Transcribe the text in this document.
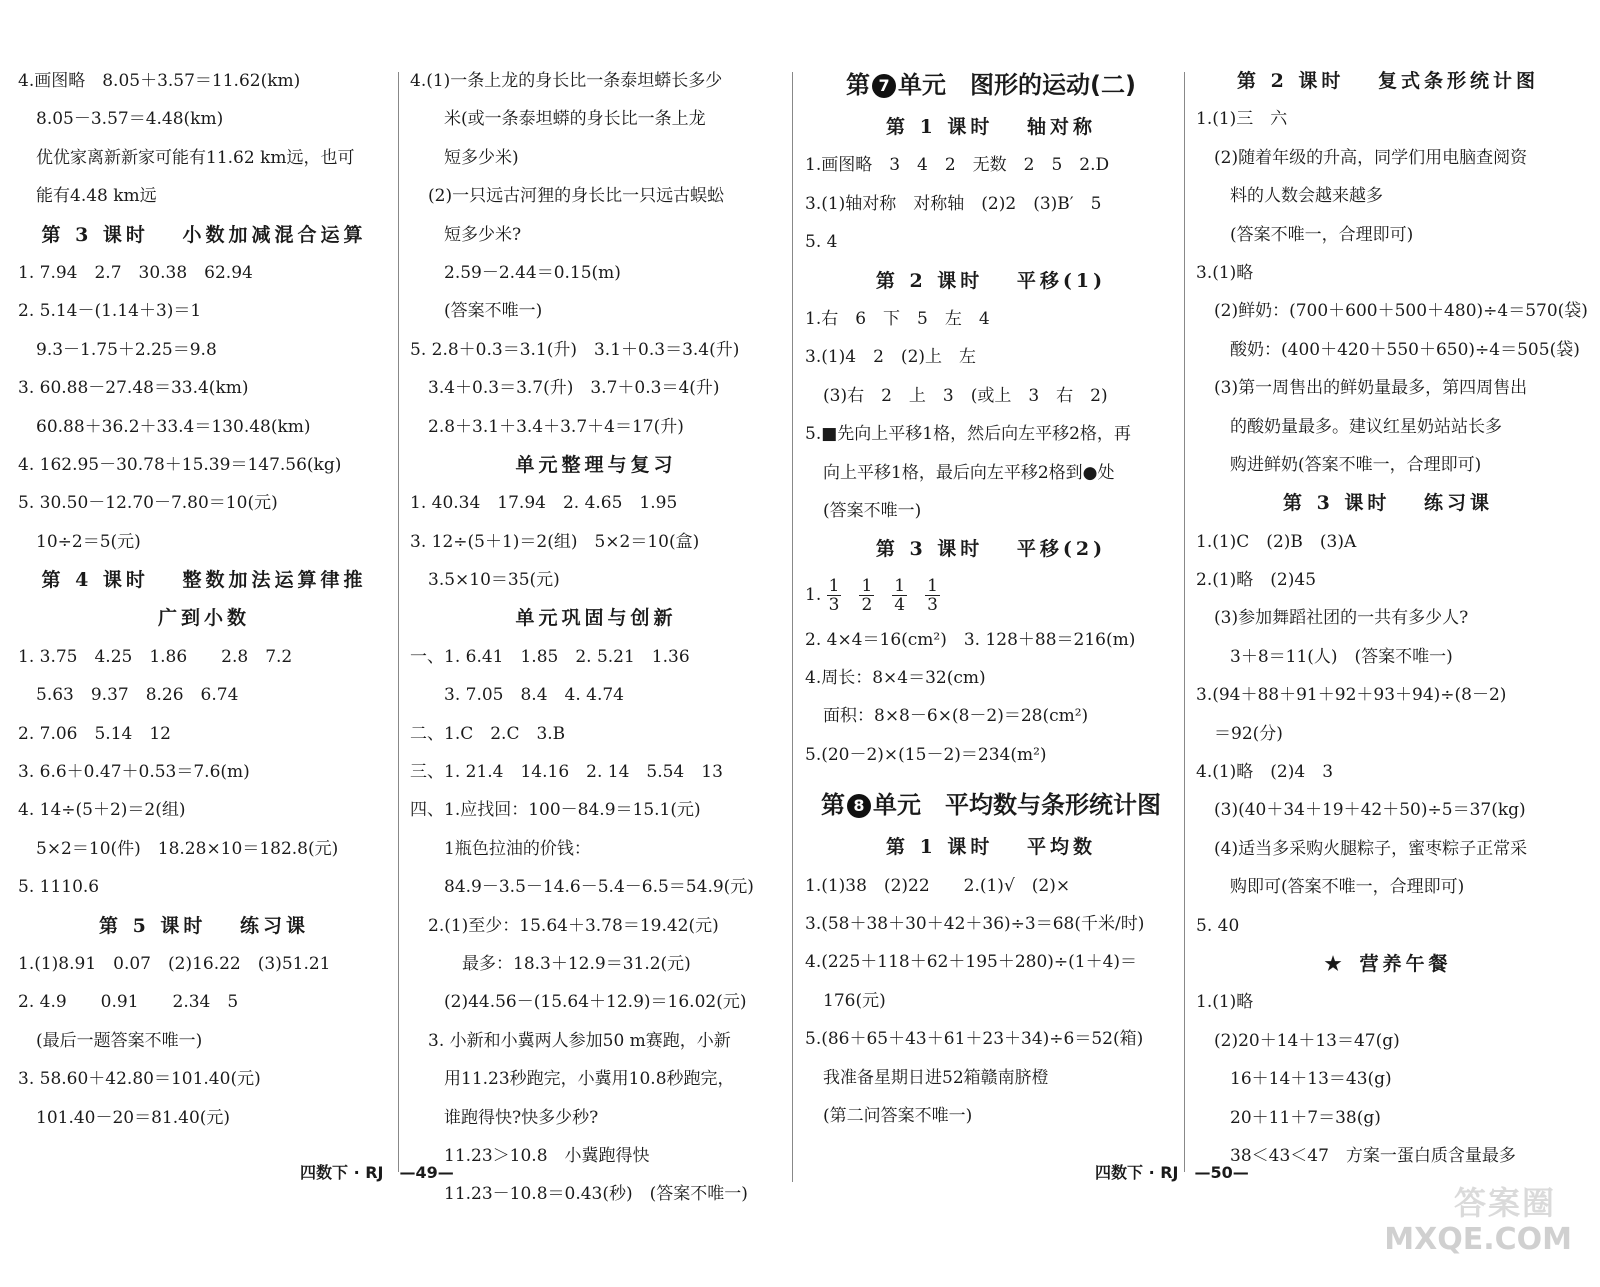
4.画图略　8.05＋3.57＝11.62(km)
8.05－3.57＝4.48(km)
优优家离新新家可能有11.62 km远，也可
能有4.48 km远
第 3 课时　 小数加减混合运算
1. 7.94　2.7　30.38　62.94
2. 5.14－(1.14＋3)＝1
9.3－1.75＋2.25＝9.8
3. 60.88－27.48＝33.4(km)
60.88＋36.2＋33.4＝130.48(km)
4. 162.95－30.78＋15.39＝147.56(kg)
5. 30.50－12.70－7.80＝10(元)
10÷2＝5(元)
第 4 课时　 整数加法运算律推
广到小数
1. 3.75　4.25　1.86　　2.8　7.2
5.63　9.37　8.26　6.74
2. 7.06　5.14　12
3. 6.6＋0.47＋0.53＝7.6(m)
4. 14÷(5＋2)＝2(组)
5×2＝10(件)　18.28×10＝182.8(元)
5. 1110.6
第 5 课时　 练习课
1.(1)8.91　0.07　(2)16.22　(3)51.21
2. 4.9　　0.91　　2.34　5
(最后一题答案不唯一)
3. 58.60＋42.80＝101.40(元)
101.40－20＝81.40(元)
4.(1)一条上龙的身长比一条泰坦蟒长多少
米(或一条泰坦蟒的身长比一条上龙
短多少米)
(2)一只远古河狸的身长比一只远古蜈蚣
短多少米?
2.59－2.44＝0.15(m)
(答案不唯一)
5. 2.8＋0.3＝3.1(升)　3.1＋0.3＝3.4(升)
3.4＋0.3＝3.7(升)　3.7＋0.3＝4(升)
2.8＋3.1＋3.4＋3.7＋4＝17(升)
单元整理与复习
1. 40.34　17.94　2. 4.65　1.95
3. 12÷(5＋1)＝2(组)　5×2＝10(盒)
3.5×10＝35(元)
单元巩固与创新
一、1. 6.41　1.85　2. 5.21　1.36
3. 7.05　8.4　4. 4.74
二、1.C　2.C　3.B
三、1. 21.4　14.16　2. 14　5.54　13
四、1.应找回：100－84.9＝15.1(元)
1瓶色拉油的价钱：
84.9－3.5－14.6－5.4－6.5＝54.9(元)
2.(1)至少：15.64＋3.78＝19.42(元)
最多：18.3＋12.9＝31.2(元)
(2)44.56－(15.64＋12.9)＝16.02(元)
3. 小新和小冀两人参加50 m赛跑，小新
用11.23秒跑完，小冀用10.8秒跑完，
谁跑得快?快多少秒?
11.23＞10.8　小冀跑得快
11.23－10.8＝0.43(秒)　(答案不唯一)
第 7 单元　图形的运动(二)
第 1 课时　 轴对称
1.画图略　3　4　2　无数　2　5　2.D
3.(1)轴对称　对称轴　(2)2　(3)B′　5
5. 4
第 2 课时　 平移(1)
1.右　6　下　5　左　4
3.(1)4　2　(2)上　左
(3)右　2　上　3　(或上　3　右　2)
5.■先向上平移1格，然后向左平移2格，再
向上平移1格，最后向左平移2格到●处
(答案不唯一)
第 3 课时　 平移(2)
1. $\frac{1}{3} \frac{1}{2} \frac{1}{4} \frac{1}{3}$
2. 4×4＝16(cm²)　3. 128＋88＝216(m)
4.周长：8×4＝32(cm)
面积：8×8－6×(8－2)＝28(cm²)
5.(20－2)×(15－2)＝234(m²)
第 8 单元　平均数与条形统计图
第 1 课时　 平均数
1.(1)38　(2)22　　2.(1)√　(2)×
3.(58＋38＋30＋42＋36)÷3＝68(千米/时)
4.(225＋118＋62＋195＋280)÷(1＋4)＝
176(元)
5.(86＋65＋43＋61＋23＋34)÷6＝52(箱)
我准备星期日进52箱赣南脐橙
(第二问答案不唯一)
第 2 课时　 复式条形统计图
1.(1)三　六
(2)随着年级的升高，同学们用电脑查阅资
料的人数会越来越多
(答案不唯一，合理即可)
3.(1)略
(2)鲜奶：(700＋600＋500＋480)÷4＝570(袋)
酸奶：(400＋420＋550＋650)÷4＝505(袋)
(3)第一周售出的鲜奶量最多，第四周售出
的酸奶量最多。建议红星奶站站长多
购进鲜奶(答案不唯一，合理即可)
第 3 课时　 练习课
1.(1)C　(2)B　(3)A
2.(1)略　(2)45
(3)参加舞蹈社团的一共有多少人?
3＋8＝11(人)　(答案不唯一)
3.(94＋88＋91＋92＋93＋94)÷(8－2)
＝92(分)
4.(1)略　(2)4　3
(3)(40＋34＋19＋42＋50)÷5＝37(kg)
(4)适当多采购火腿粽子，蜜枣粽子正常采
购即可(答案不唯一，合理即可)
5. 40
★ 营养午餐
1.(1)略
(2)20＋14＋13＝47(g)
16＋14＋13＝43(g)
20＋11＋7＝38(g)
38＜43＜47　方案一蛋白质含量最多
四数下 · RJ　—49—	四数下 · RJ　—50—
答案圈
MXQE.COM
